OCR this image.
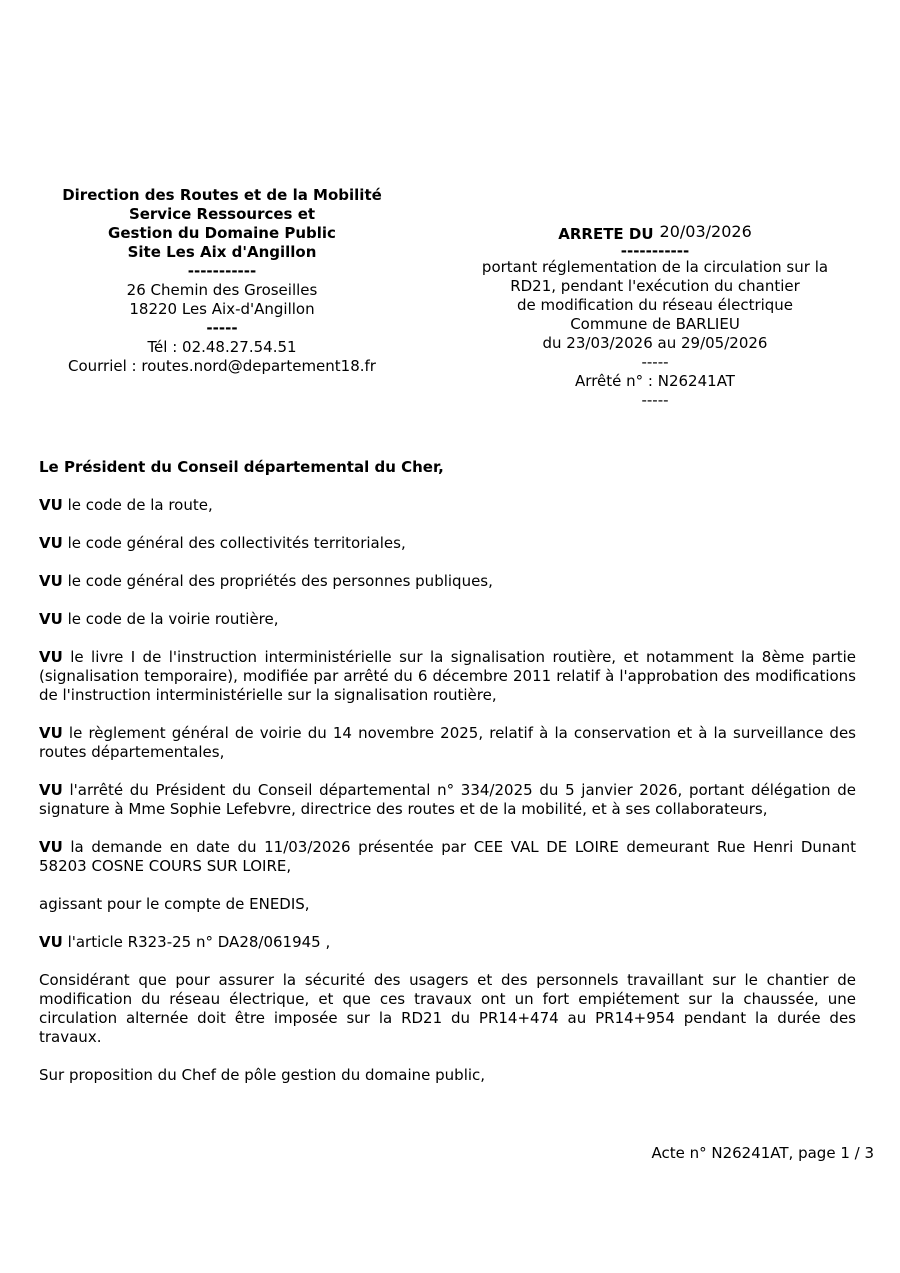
Direction des Routes et de la Mobilité
Service Ressources et
Gestion du Domaine Public
Site Les Aix d'Angillon
-----------
26 Chemin des Groseilles
18220 Les Aix-d'Angillon
-----
Tél : 02.48.27.54.51
Courriel : routes.nord@departement18.fr
ARRETE DU 20/03/2026
-----------
portant réglementation de la circulation sur la
RD21, pendant l'exécution du chantier
de modification du réseau électrique
Commune de BARLIEU
du 23/03/2026 au 29/05/2026
-----
Arrêté n° : N26241AT
-----

Le Président du Conseil départemental du Cher,

VU le code de la route,

VU le code général des collectivités territoriales,

VU le code général des propriétés des personnes publiques,

VU le code de la voirie routière,

VU le livre I de l'instruction interministérielle sur la signalisation routière, et notamment la 8ème partie (signalisation temporaire), modifiée par arrêté du 6 décembre 2011 relatif à l'approbation des modifications de l'instruction interministérielle sur la signalisation routière,

VU le règlement général de voirie du 14 novembre 2025, relatif à la conservation et à la surveillance des routes départementales,

VU l'arrêté du Président du Conseil départemental n° 334/2025 du 5 janvier 2026, portant délégation de signature à Mme Sophie Lefebvre, directrice des routes et de la mobilité, et à ses collaborateurs,

VU la demande en date du 11/03/2026 présentée par CEE VAL DE LOIRE demeurant Rue Henri Dunant 58203 COSNE COURS SUR LOIRE,

agissant pour le compte de ENEDIS,

VU l'article R323-25 n° DA28/061945 ,

Considérant que pour assurer la sécurité des usagers et des personnels travaillant sur le chantier de modification du réseau électrique, et que ces travaux ont un fort empiétement sur la chaussée, une circulation alternée doit être imposée sur la RD21 du PR14+474 au PR14+954 pendant la durée des travaux.

Sur proposition du Chef de pôle gestion du domaine public,

Acte n° N26241AT, page 1 / 3
